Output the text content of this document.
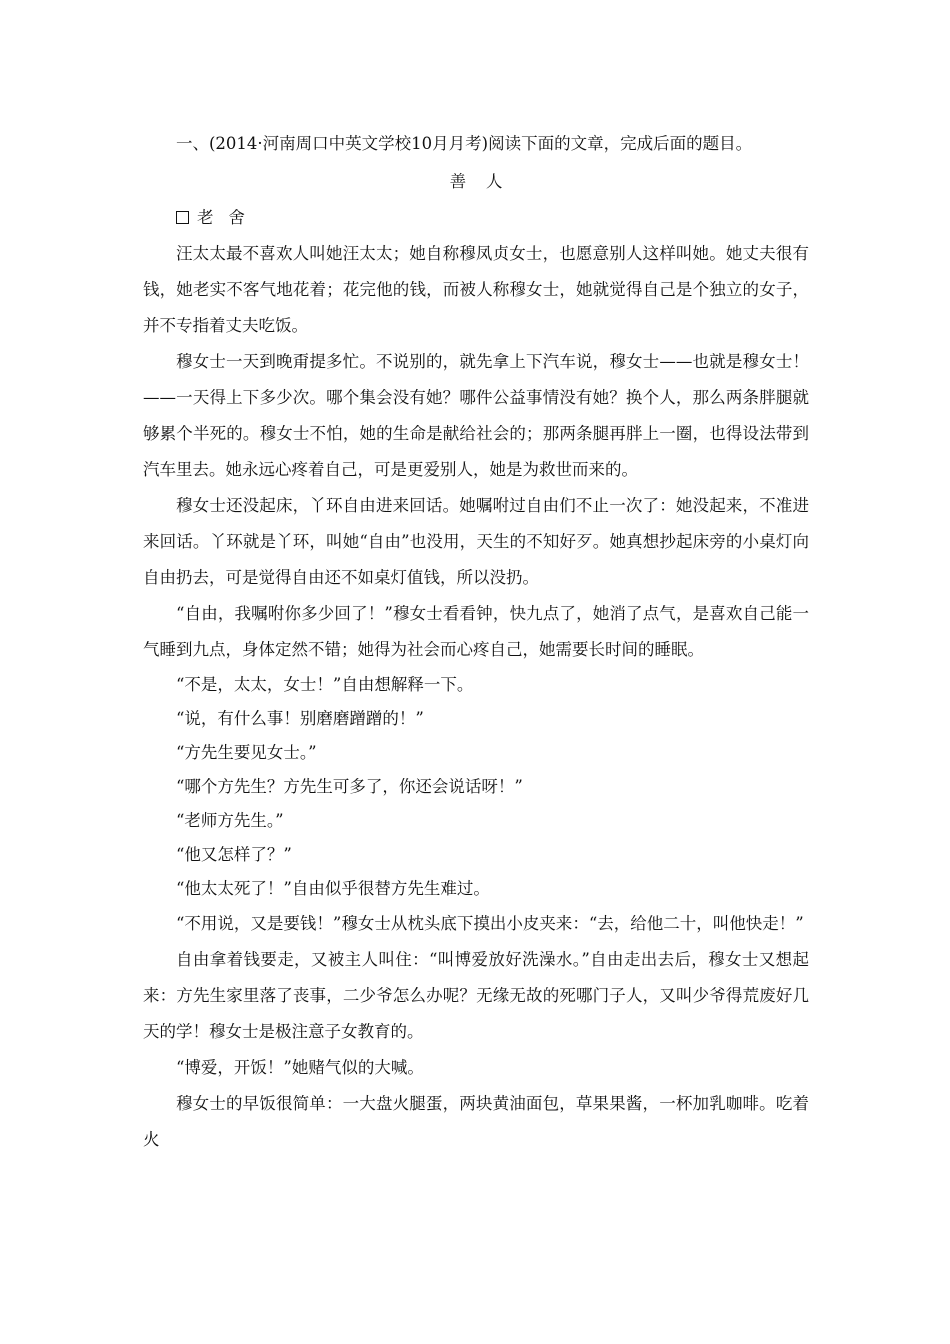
一、(2014·河南周口中英文学校10月月考)阅读下面的文章，完成后面的题目。

善人

老舍

汪太太最不喜欢人叫她汪太太；她自称穆凤贞女士，也愿意别人这样叫她。她丈夫很有钱，她老实不客气地花着；花完他的钱，而被人称穆女士，她就觉得自己是个独立的女子，并不专指着丈夫吃饭。

穆女士一天到晚甭提多忙。不说别的，就先拿上下汽车说，穆女士——也就是穆女士！——一天得上下多少次。哪个集会没有她？哪件公益事情没有她？换个人，那么两条胖腿就够累个半死的。穆女士不怕，她的生命是献给社会的；那两条腿再胖上一圈，也得设法带到汽车里去。她永远心疼着自己，可是更爱别人，她是为救世而来的。

穆女士还没起床，丫环自由进来回话。她嘱咐过自由们不止一次了：她没起来，不准进来回话。丫环就是丫环，叫她“自由”也没用，天生的不知好歹。她真想抄起床旁的小桌灯向自由扔去，可是觉得自由还不如桌灯值钱，所以没扔。

“自由，我嘱咐你多少回了！”穆女士看看钟，快九点了，她消了点气，是喜欢自己能一气睡到九点，身体定然不错；她得为社会而心疼自己，她需要长时间的睡眠。

“不是，太太，女士！”自由想解释一下。

“说，有什么事！别磨磨蹭蹭的！”

“方先生要见女士。”

“哪个方先生？方先生可多了，你还会说话呀！”

“老师方先生。”

“他又怎样了？”

“他太太死了！”自由似乎很替方先生难过。

“不用说，又是要钱！”穆女士从枕头底下摸出小皮夹来：“去，给他二十，叫他快走！”

自由拿着钱要走，又被主人叫住：“叫博爱放好洗澡水。”自由走出去后，穆女士又想起来：方先生家里落了丧事，二少爷怎么办呢？无缘无故的死哪门子人，又叫少爷得荒废好几天的学！穆女士是极注意子女教育的。

“博爱，开饭！”她赌气似的大喊。

穆女士的早饭很简单：一大盘火腿蛋，两块黄油面包，草果果酱，一杯加乳咖啡。吃着火
